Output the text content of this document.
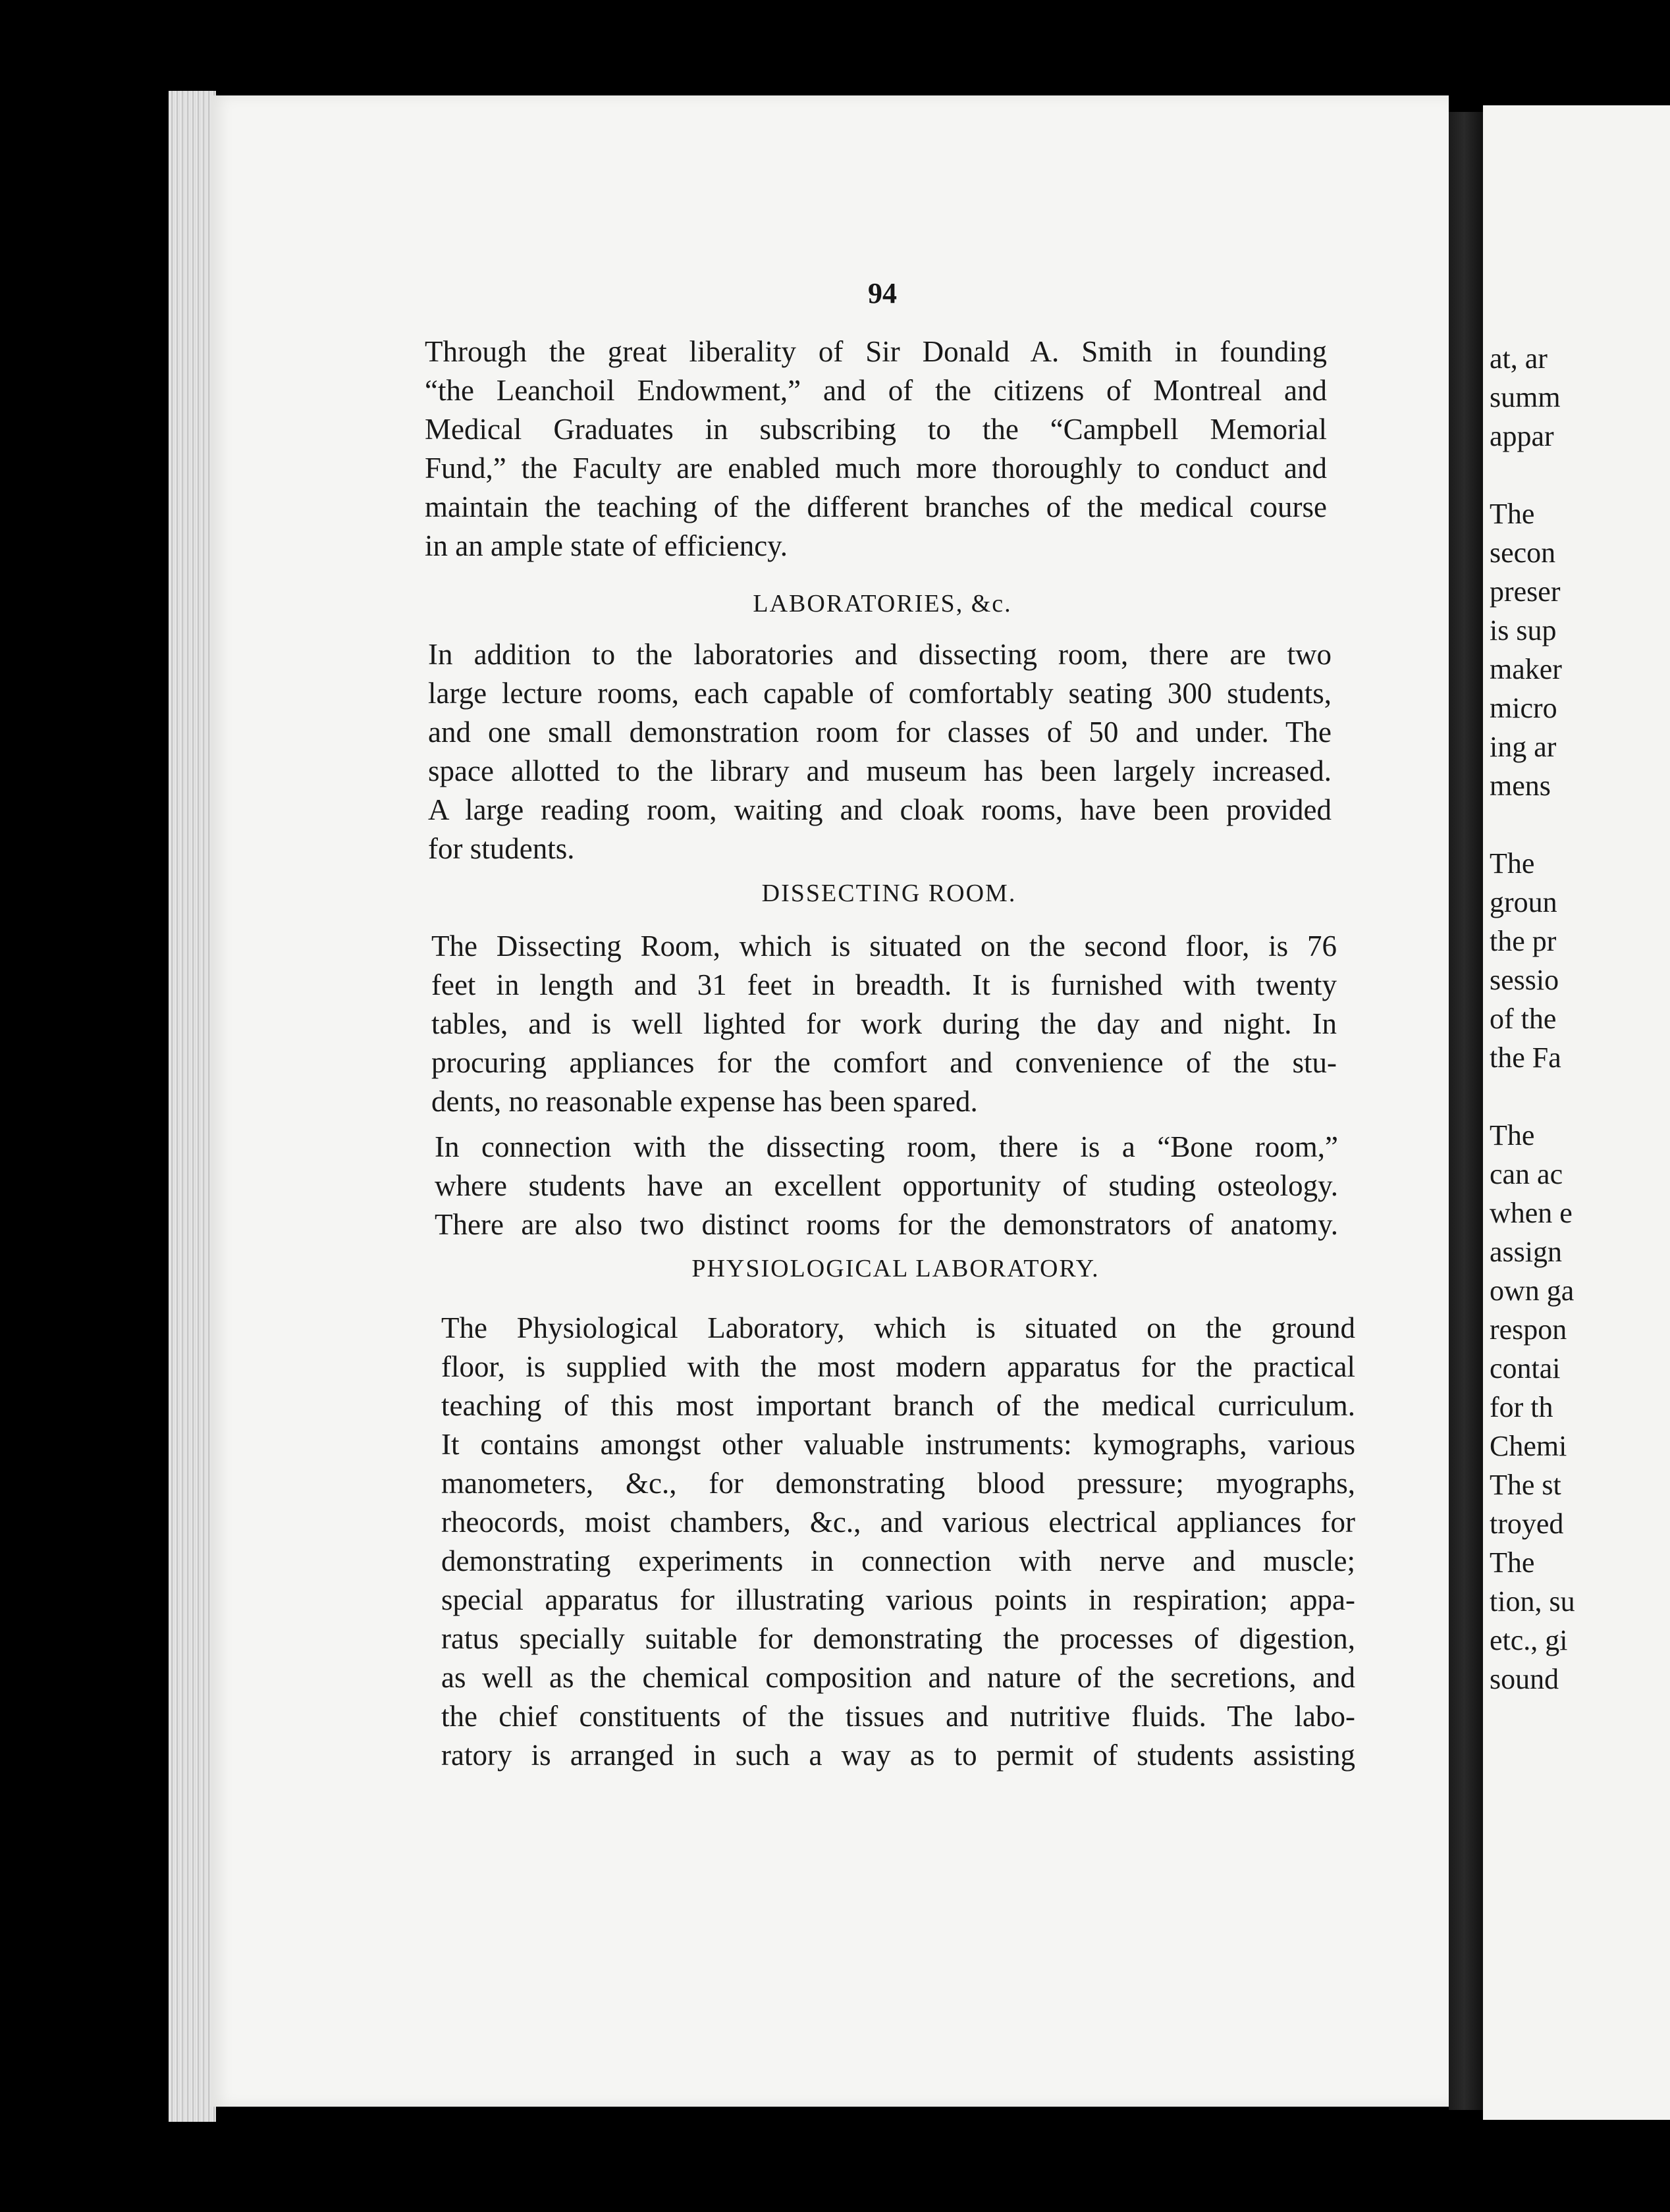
94
Through the great liberality of Sir Donald A. Smith in founding
“the Leanchoil Endowment,” and of the citizens of Montreal and
Medical Graduates in subscribing to the “Campbell Memorial
Fund,” the Faculty are enabled much more thoroughly to conduct and
maintain the teaching of the different branches of the medical course
in an ample state of efficiency.
LABORATORIES, &c.
In addition to the laboratories and dissecting room, there are two
large lecture rooms, each capable of comfortably seating 300 students,
and one small demonstration room for classes of 50 and under. The
space allotted to the library and museum has been largely increased.
A large reading room, waiting and cloak rooms, have been provided
for students.
DISSECTING ROOM.
The Dissecting Room, which is situated on the second floor, is 76
feet in length and 31 feet in breadth. It is furnished with twenty
tables, and is well lighted for work during the day and night. In
procuring appliances for the comfort and convenience of the stu-
dents, no reasonable expense has been spared.
In connection with the dissecting room, there is a “Bone room,”
where students have an excellent opportunity of studing osteology.
There are also two distinct rooms for the demonstrators of anatomy.
PHYSIOLOGICAL LABORATORY.
The Physiological Laboratory, which is situated on the ground
floor, is supplied with the most modern apparatus for the practical
teaching of this most important branch of the medical curriculum.
It contains amongst other valuable instruments: kymographs, various
manometers, &c., for demonstrating blood pressure; myographs,
rheocords, moist chambers, &c., and various electrical appliances for
demonstrating experiments in connection with nerve and muscle;
special apparatus for illustrating various points in respiration; appa-
ratus specially suitable for demonstrating the processes of digestion,
as well as the chemical composition and nature of the secretions, and
the chief constituents of the tissues and nutritive fluids. The labo-
ratory is arranged in such a way as to permit of students assisting
at, ar
summ
appar

The
secon
preser
is sup
maker
micro
ing ar
mens

The
groun
the pr
sessio
of the
the Fa

The
can ac
when e
assign
own ga
respon
contai
for th
Chemi
The st
troyed
The
tion, su
etc., gi
sound
